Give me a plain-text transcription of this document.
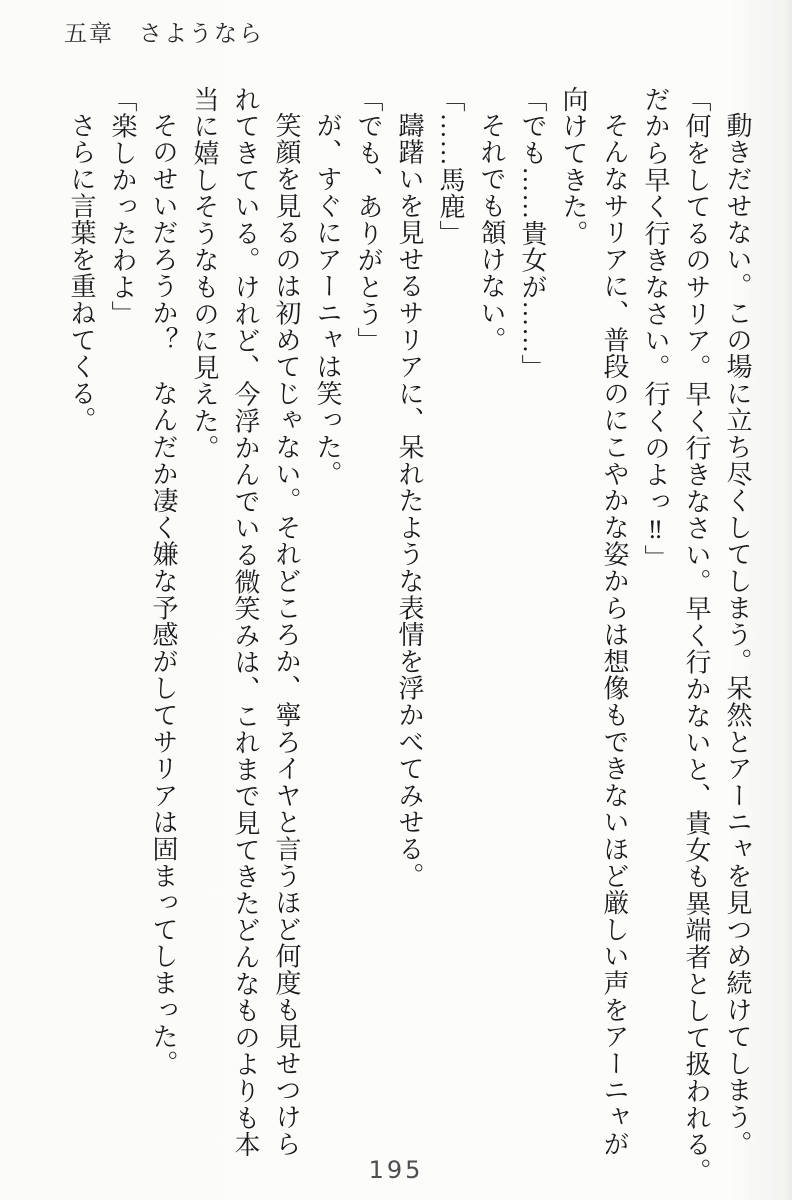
五章　さようなら

動きだせない。この場に立ち尽くしてしまう。呆然とアーニャを見つめ続けてしまう。

「何をしてるのサリア。早く行きなさい。早く行かないと、貴女も異端者として扱われる。

だから早く行きなさい。行くのよっ‼」

そんなサリアに、普段のにこやかな姿からは想像もできないほど厳しい声をアーニャが

向けてきた。

「でも……貴女が……」

それでも頷けない。

「……馬鹿」

躊躇いを見せるサリアに、呆れたような表情を浮かべてみせる。

「でも、ありがとう」

が、すぐにアーニャは笑った。

笑顔を見るのは初めてじゃない。それどころか、寧ろイヤと言うほど何度も見せつけら

れてきている。けれど、今浮かんでいる微笑みは、これまで見てきたどんなものよりも本

当に嬉しそうなものに見えた。

そのせいだろうか？　なんだか凄く嫌な予感がしてサリアは固まってしまった。

「楽しかったわよ」

さらに言葉を重ねてくる。

195
